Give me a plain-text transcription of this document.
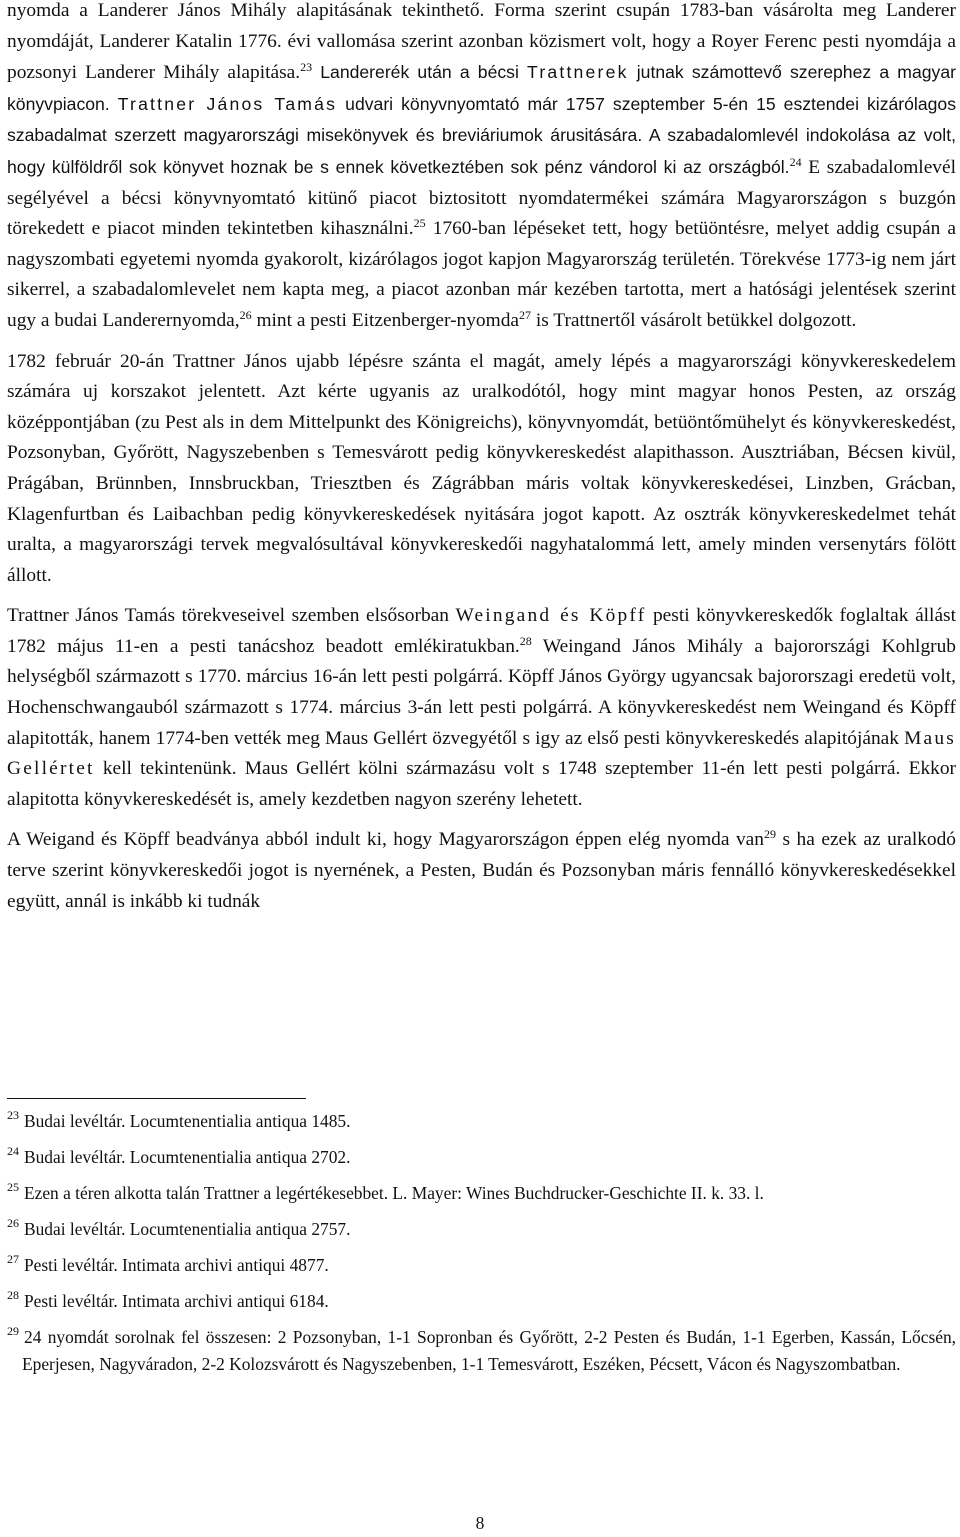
nyomda a Landerer János Mihály alapitásának tekinthető. Forma szerint csupán 1783-ban vásárolta meg Landerer nyomdáját, Landerer Katalin 1776. évi vallomása szerint azonban közismert volt, hogy a Royer Ferenc pesti nyomdája a pozsonyi Landerer Mihály alapitása.$^{23}$ Landererék után a bécsi Trattnerek jutnak számottevő szerephez a magyar könyvpiacon. Trattner János Tamás udvari könyvnyomtató már 1757 szeptember 5-én 15 esztendei kizárólagos szabadalmat szerzett magyarországi misekönyvek és breviáriumok árusitására. A szabadalomlevél indokolása az volt, hogy külföldről sok könyvet hoznak be s ennek következtében sok pénz vándorol ki az országból.$^{24}$ E szabadalomlevél segélyével a bécsi könyvnyomtató kitünő piacot biztositott nyomdatermékei számára Magyarországon s buzgón törekedett e piacot minden tekintetben kihasználni.$^{25}$ 1760-ban lépéseket tett, hogy betüöntésre, melyet addig csupán a nagyszombati egyetemi nyomda gyakorolt, kizárólagos jogot kapjon Magyarország területén. Törekvése 1773-ig nem járt sikerrel, a szabadalomlevelet nem kapta meg, a piacot azonban már kezében tartotta, mert a hatósági jelentések szerint ugy a budai Landerernyomda,$^{26}$ mint a pesti Eitzenberger-nyomda$^{27}$ is Trattnertől vásárolt betükkel dolgozott.

1782 február 20-án Trattner János ujabb lépésre szánta el magát, amely lépés a magyarországi könyvkereskedelem számára uj korszakot jelentett. Azt kérte ugyanis az uralkodótól, hogy mint magyar honos Pesten, az ország középpontjában (zu Pest als in dem Mittelpunkt des Königreichs), könyvnyomdát, betüöntőmühelyt és könyvkereskedést, Pozsonyban, Győrött, Nagyszebenben s Temesvárott pedig könyvkereskedést alapithasson. Ausztriában, Bécsen kivül, Prágában, Brünnben, Innsbruckban, Triesztben és Zágrábban máris voltak könyvkereskedései, Linzben, Grácban, Klagenfurtban és Laibachban pedig könyvkereskedések nyitására jogot kapott. Az osztrák könyvkereskedelmet tehát uralta, a magyarországi tervek megvalósultával könyvkereskedői nagyhatalommá lett, amely minden versenytárs fölött állott.

Trattner János Tamás törekveseivel szemben elsősorban Weingand és Köpff pesti könyvkereskedők foglaltak állást 1782 május 11-en a pesti tanácshoz beadott emlékiratukban.$^{28}$ Weingand János Mihály a bajorországi Kohlgrub helységből származott s 1770. március 16-án lett pesti polgárrá. Köpff János György ugyancsak bajororszagi eredetü volt, Hochenschwangauból származott s 1774. március 3-án lett pesti polgárrá. A könyvkereskedést nem Weingand és Köpff alapitották, hanem 1774-ben vették meg Maus Gellért özvegyétől s igy az első pesti könyvkereskedés alapitójának Maus Gellértet kell tekintenünk. Maus Gellért kölni származásu volt s 1748 szeptember 11-én lett pesti polgárrá. Ekkor alapitotta könyvkereskedését is, amely kezdetben nagyon szerény lehetett.

A Weigand és Köpff beadványa abból indult ki, hogy Magyarországon éppen elég nyomda van$^{29}$ s ha ezek az uralkodó terve szerint könyvkereskedői jogot is nyernének, a Pesten, Budán és Pozsonyban máris fennálló könyvkereskedésekkel együtt, annál is inkább ki tudnák

$^{23}$ Budai levéltár. Locumtenentialia antiqua 1485.

$^{24}$ Budai levéltár. Locumtenentialia antiqua 2702.

$^{25}$ Ezen a téren alkotta talán Trattner a legértékesebbet. L. Mayer: Wines Buchdrucker-Geschichte II. k. 33. l.

$^{26}$ Budai levéltár. Locumtenentialia antiqua 2757.

$^{27}$ Pesti levéltár. Intimata archivi antiqui 4877.

$^{28}$ Pesti levéltár. Intimata archivi antiqui 6184.

$^{29}$ 24 nyomdát sorolnak fel összesen: 2 Pozsonyban, 1-1 Sopronban és Győrött, 2-2 Pesten és Budán, 1-1 Egerben, Kassán, Lőcsén, Eperjesen, Nagyváradon, 2-2 Kolozsvárott és Nagyszebenben, 1-1 Temesvárott, Eszéken, Pécsett, Vácon és Nagyszombatban.

8
